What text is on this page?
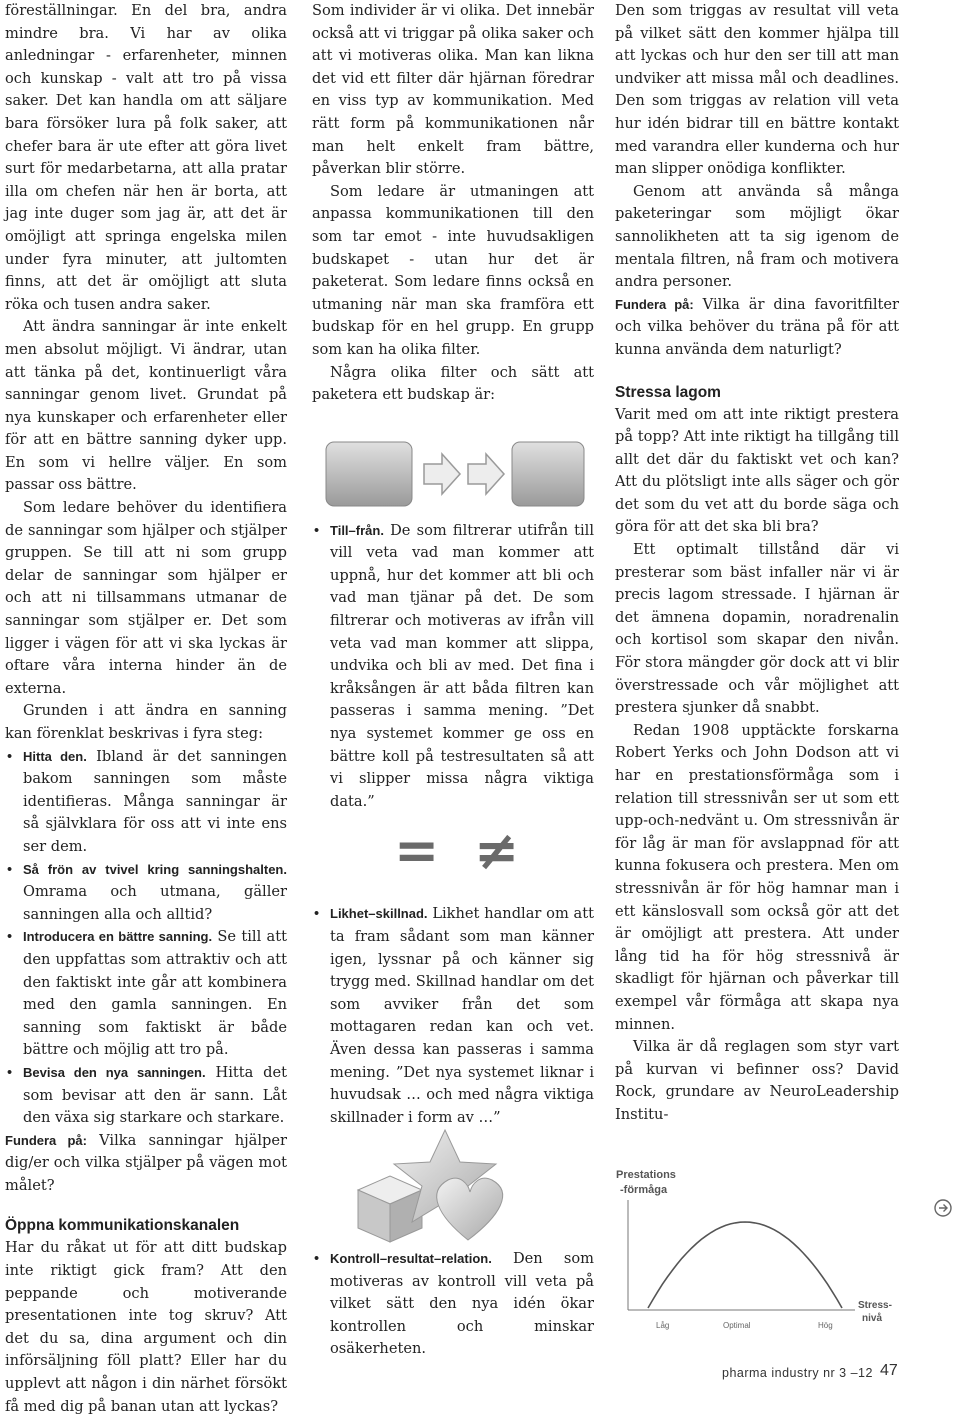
föreställningar. En del bra, andra mindre bra. Vi har av olika anledningar - erfarenheter, minnen och kunskap - valt att tro på vissa saker. Det kan handla om att säljare bara försöker lura på folk saker, att chefer bara är ute efter att göra livet surt för medarbetarna, att alla pratar illa om chefen när hen är borta, att jag inte duger som jag är, att det är omöjligt att springa engelska milen under fyra minuter, att jultomten finns, att det är omöjligt att sluta röka och tusen andra saker.

Att ändra sanningar är inte enkelt men absolut möjligt. Vi ändrar, utan att tänka på det, kontinuerligt våra sanningar genom livet. Grundat på nya kunskaper och erfarenheter eller för att en bättre sanning dyker upp. En som vi hellre väljer. En som passar oss bättre.

Som ledare behöver du identifiera de sanningar som hjälper och stjälper gruppen. Se till att ni som grupp delar de sanningar som hjälper er och att ni tillsammans utmanar de sanningar som stjälper er. Det som ligger i vägen för att vi ska lyckas är oftare våra interna hinder än de externa.

Grunden i att ändra en sanning kan förenklat beskrivas i fyra steg:

• Hitta den. Ibland är det sanningen bakom sanningen som måste identifieras. Många sanningar är så självklara för oss att vi inte ens ser dem.

• Så frön av tvivel kring sanningshalten. Omrama och utmana, gäller sanningen alla och alltid?

• Introducera en bättre sanning. Se till att den uppfattas som attraktiv och att den faktiskt inte går att kombinera med den gamla sanningen. En sanning som faktiskt är både bättre och möjlig att tro på.

• Bevisa den nya sanningen. Hitta det som bevisar att den är sann. Låt den växa sig starkare och starkare.

Fundera på: Vilka sanningar hjälper dig/er och vilka stjälper på vägen mot målet?

Öppna kommunikationskanalen

Har du råkat ut för att ditt budskap inte riktigt gick fram? Att den peppande och motiverande presentationen inte tog skruv? Att det du sa, dina argument och din införsäljning föll platt? Eller har du upplevt att någon i din närhet försökt få med dig på banan utan att lyckas?

Som individer är vi olika. Det innebär också att vi triggar på olika saker och att vi motiveras olika. Man kan likna det vid ett filter där hjärnan föredrar en viss typ av kommunikation. Med rätt form på kommunikationen når man helt enkelt fram bättre, påverkan blir större.

Som ledare är utmaningen att anpassa kommunikationen till den som tar emot - inte huvudsakligen budskapet - utan hur det är paketerat. Som ledare finns också en utmaning när man ska framföra ett budskap för en hel grupp. En grupp som kan ha olika filter.

Några olika filter och sätt att paketera ett budskap är:

• Till–från. De som filtrerar utifrån till vill veta vad man kommer att uppnå, hur det kommer att bli och vad man tjänar på det. De som filtrerar och motiveras av ifrån vill veta vad man kommer att slippa, undvika och bli av med. Det fina i kråksången är att båda filtren kan passeras i samma mening. ”Det nya systemet kommer ge oss en bättre koll på testresultaten så att vi slipper missa några viktiga data.”

• Likhet–skillnad. Likhet handlar om att ta fram sådant som man känner igen, lyssnar på och känner sig trygg med. Skillnad handlar om det som avviker från det som mottagaren redan kan och vet. Även dessa kan passeras i samma mening. ”Det nya systemet liknar i huvudsak … och med några viktiga skillnader i form av …”

• Kontroll–resultat–relation. Den som motiveras av kontroll vill veta på vilket sätt den nya idén ökar kontrollen och minskar osäkerheten.

Den som triggas av resultat vill veta på vilket sätt den kommer hjälpa till att lyckas och hur den ser till att man undviker att missa mål och deadlines. Den som triggas av relation vill veta hur idén bidrar till en bättre kontakt med varandra eller kunderna och hur man slipper onödiga konflikter.

Genom att använda så många paketeringar som möjligt ökar sannolikheten att ta sig igenom de mentala filtren, nå fram och motivera andra personer.

Fundera på: Vilka är dina favoritfilter och vilka behöver du träna på för att kunna använda dem naturligt?

Stressa lagom

Varit med om att inte riktigt prestera på topp? Att inte riktigt ha tillgång till allt det där du faktiskt vet och kan? Att du plötsligt inte alls säger och gör det som du vet att du borde säga och göra för att det ska bli bra?

Ett optimalt tillstånd där vi presterar som bäst infaller när vi är precis lagom stressade. I hjärnan är det ämnena dopamin, noradrenalin och kortisol som skapar den nivån. För stora mängder gör dock att vi blir överstressade och vår möjlighet att prestera sjunker då snabbt.

Redan 1908 upptäckte forskarna Robert Yerks och John Dodson att vi har en prestationsförmåga som i relation till stressnivån ser ut som ett upp-och-nedvänt u. Om stressnivån är för låg är man för avslappnad för att kunna fokusera och prestera. Men om stressnivån är för hög hamnar man i ett känslosvall som också gör att det är omöjligt att prestera. Att under lång tid ha för hög stressnivå är skadligt för hjärnan och påverkar till exempel vår förmåga att skapa nya minnen.

Vilka är då reglagen som styr vart på kurvan vi befinner oss? David Rock, grundare av NeuroLeadership Institu-

= ≠
Prestations
-förmåga
Låg	Optimal	Hög
Stress-
nivå
pharma industry nr 3 –12 47
